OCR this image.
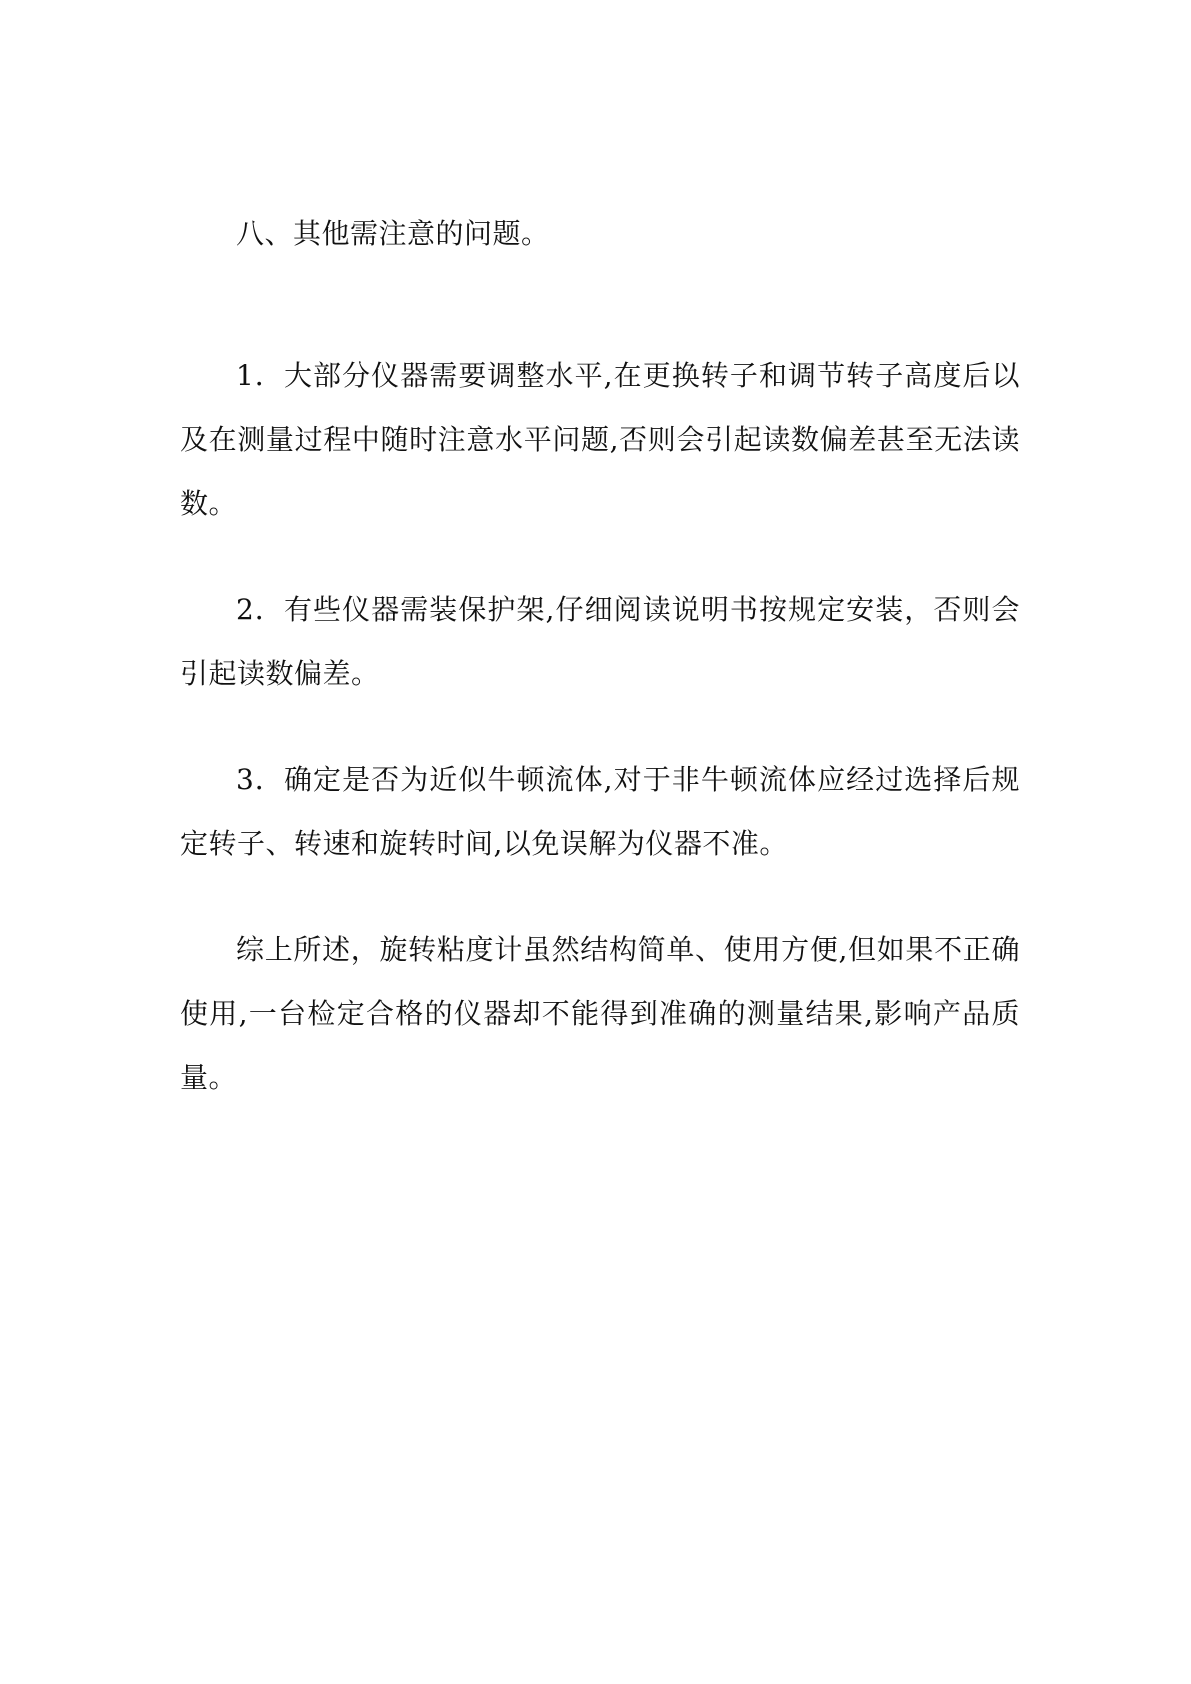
八、其他需注意的问题。

1．大部分仪器需要调整水平,在更换转子和调节转子高度后以及在测量过程中随时注意水平问题,否则会引起读数偏差甚至无法读数。

2．有些仪器需装保护架,仔细阅读说明书按规定安装，否则会引起读数偏差。

3．确定是否为近似牛顿流体,对于非牛顿流体应经过选择后规定转子、转速和旋转时间,以免误解为仪器不准。

综上所述，旋转粘度计虽然结构简单、使用方便,但如果不正确使用,一台检定合格的仪器却不能得到准确的测量结果,影响产品质量。
